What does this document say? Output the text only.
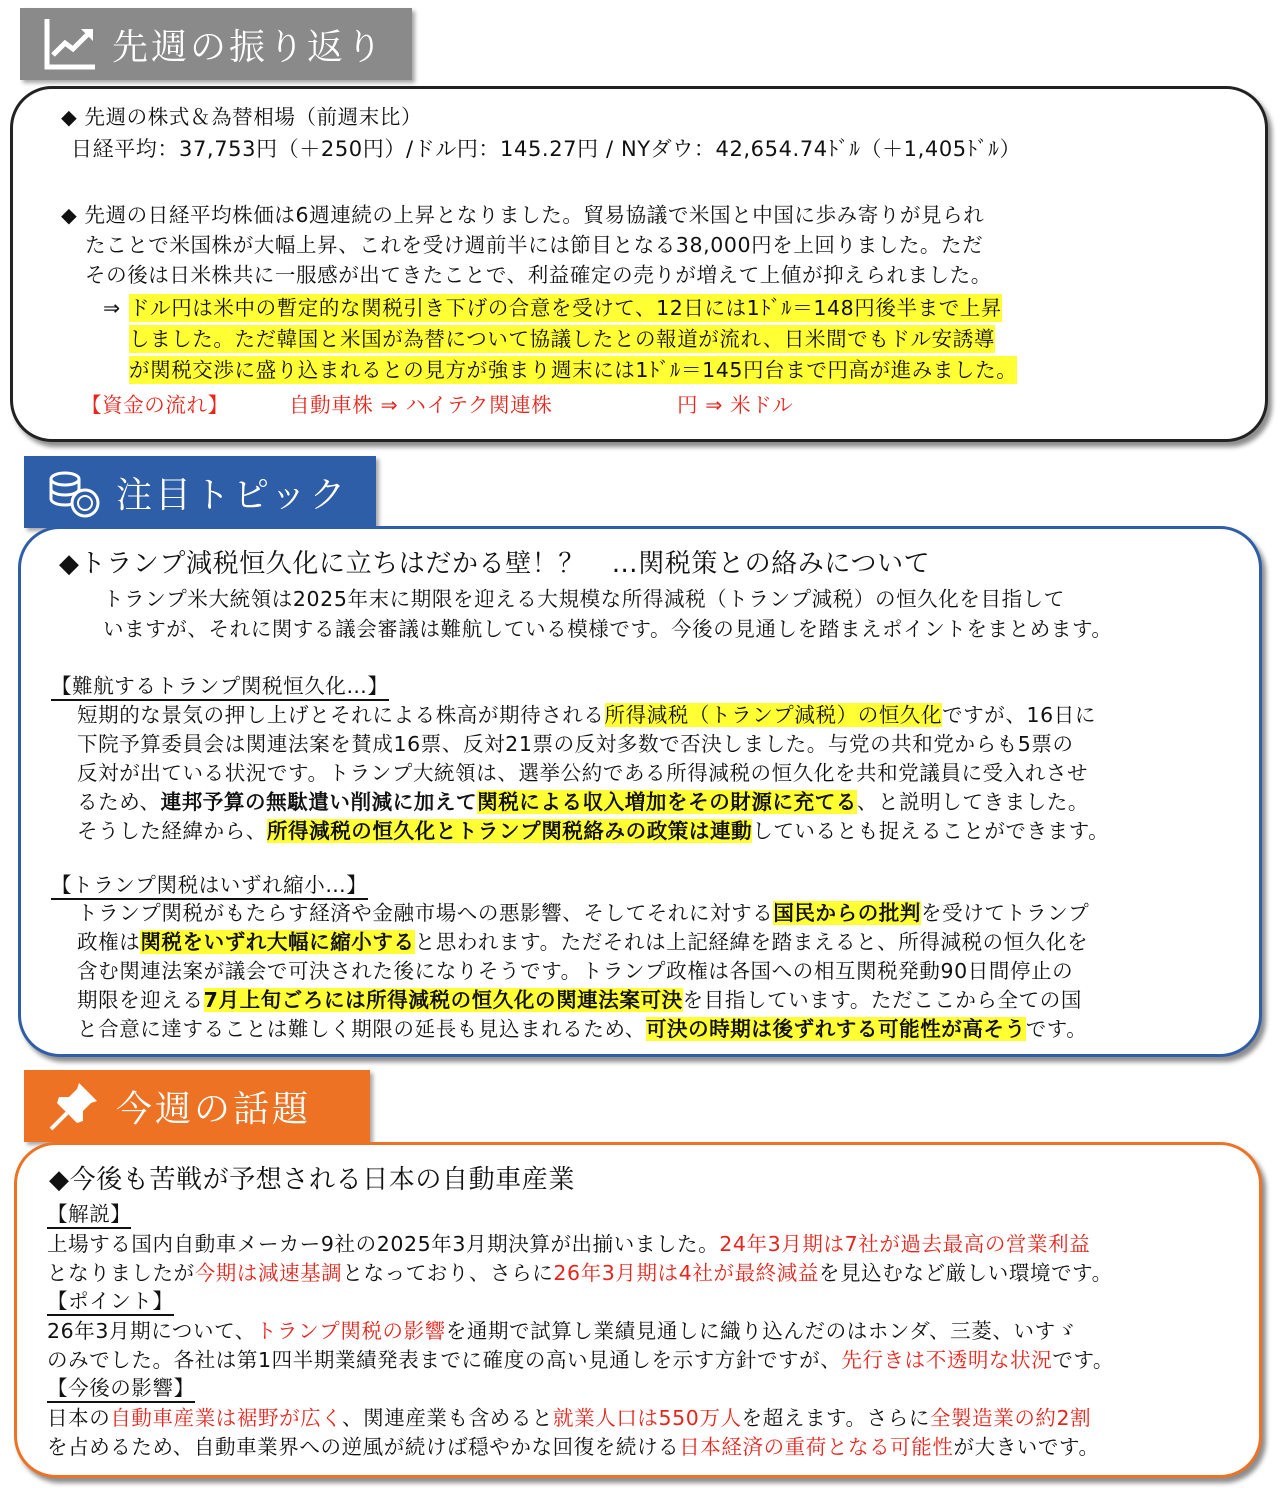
先週の振り返り
◆ 先週の株式＆為替相場（前週末比）
日経平均：37,753円（＋250円）/ドル円：145.27円 / NYダウ：42,654.74ﾄﾞﾙ（＋1,405ﾄﾞﾙ）
◆ 先週の日経平均株価は6週連続の上昇となりました。貿易協議で米国と中国に歩み寄りが見られ
たことで米国株が大幅上昇、これを受け週前半には節目となる38,000円を上回りました。ただ
その後は日米株共に一服感が出てきたことで、利益確定の売りが増えて上値が抑えられました。
⇒ ドル円は米中の暫定的な関税引き下げの合意を受けて、12日には1ﾄﾞﾙ＝148円後半まで上昇
しました。ただ韓国と米国が為替について協議したとの報道が流れ、日米間でもドル安誘導
が関税交渉に盛り込まれるとの見方が強まり週末には1ﾄﾞﾙ＝145円台まで円高が進みました。
【資金の流れ】	自動車株 ⇒ ハイテク関連株	円 ⇒ 米ドル
注目トピック
◆トランプ減税恒久化に立ちはだかる壁！？　…関税策との絡みについて
トランプ米大統領は2025年末に期限を迎える大規模な所得減税（トランプ減税）の恒久化を目指して
いますが、それに関する議会審議は難航している模様です。今後の見通しを踏まえポイントをまとめます。
【難航するトランプ関税恒久化…】
短期的な景気の押し上げとそれによる株高が期待される所得減税（トランプ減税）の恒久化ですが、16日に
下院予算委員会は関連法案を賛成16票、反対21票の反対多数で否決しました。与党の共和党からも5票の
反対が出ている状況です。トランプ大統領は、選挙公約である所得減税の恒久化を共和党議員に受入れさせ
るため、連邦予算の無駄遣い削減に加えて関税による収入増加をその財源に充てる、と説明してきました。
そうした経緯から、所得減税の恒久化とトランプ関税絡みの政策は連動しているとも捉えることができます。
【トランプ関税はいずれ縮小…】
トランプ関税がもたらす経済や金融市場への悪影響、そしてそれに対する国民からの批判を受けてトランプ
政権は関税をいずれ大幅に縮小すると思われます。ただそれは上記経緯を踏まえると、所得減税の恒久化を
含む関連法案が議会で可決された後になりそうです。トランプ政権は各国への相互関税発動90日間停止の
期限を迎える7月上旬ごろには所得減税の恒久化の関連法案可決を目指しています。ただここから全ての国
と合意に達することは難しく期限の延長も見込まれるため、可決の時期は後ずれする可能性が高そうです。
今週の話題
◆今後も苦戦が予想される日本の自動車産業
【解説】
上場する国内自動車メーカー9社の2025年3月期決算が出揃いました。24年3月期は7社が過去最高の営業利益
となりましたが今期は減速基調となっており、さらに26年3月期は4社が最終減益を見込むなど厳しい環境です。
【ポイント】
26年3月期について、トランプ関税の影響を通期で試算し業績見通しに織り込んだのはホンダ、三菱、いすゞ
のみでした。各社は第1四半期業績発表までに確度の高い見通しを示す方針ですが、先行きは不透明な状況です。
【今後の影響】
日本の自動車産業は裾野が広く、関連産業も含めると就業人口は550万人を超えます。さらに全製造業の約2割
を占めるため、自動車業界への逆風が続けば穏やかな回復を続ける日本経済の重荷となる可能性が大きいです。
